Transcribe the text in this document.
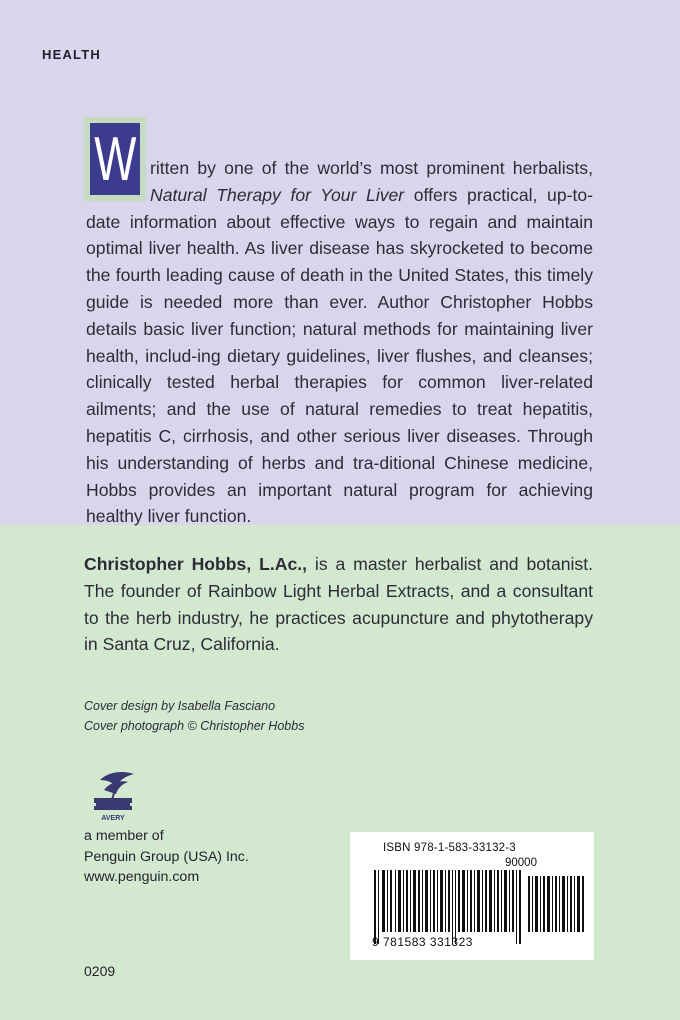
HEALTH
W ritten by one of the world’s most prominent herbalists,
Natural Therapy for Your Liver offers practical, up-to-date information about effective ways to regain and maintain optimal liver health. As liver disease has skyrocketed to become the fourth leading cause of death in the United States, this timely guide is needed more than ever. Author Christopher Hobbs details basic liver function; natural methods for maintaining liver health, includ-ing dietary guidelines, liver flushes, and cleanses; clinically tested herbal therapies for common liver-related ailments; and the use of natural remedies to treat hepatitis, hepatitis C, cirrhosis, and other serious liver diseases. Through his understanding of herbs and tra-ditional Chinese medicine, Hobbs provides an important natural program for achieving healthy liver function.
Christopher Hobbs, L.Ac., is a master herbalist and botanist. The founder of Rainbow Light Herbal Extracts, and a consultant to the herb industry, he practices acupuncture and phytotherapy in Santa Cruz, California.
Cover design by Isabella Fasciano
Cover photograph © Christopher Hobbs
AVERY
a member of
Penguin Group (USA) Inc.
www.penguin.com
ISBN 978-1-583-33132-3
90000
9 781583 331323
0209
